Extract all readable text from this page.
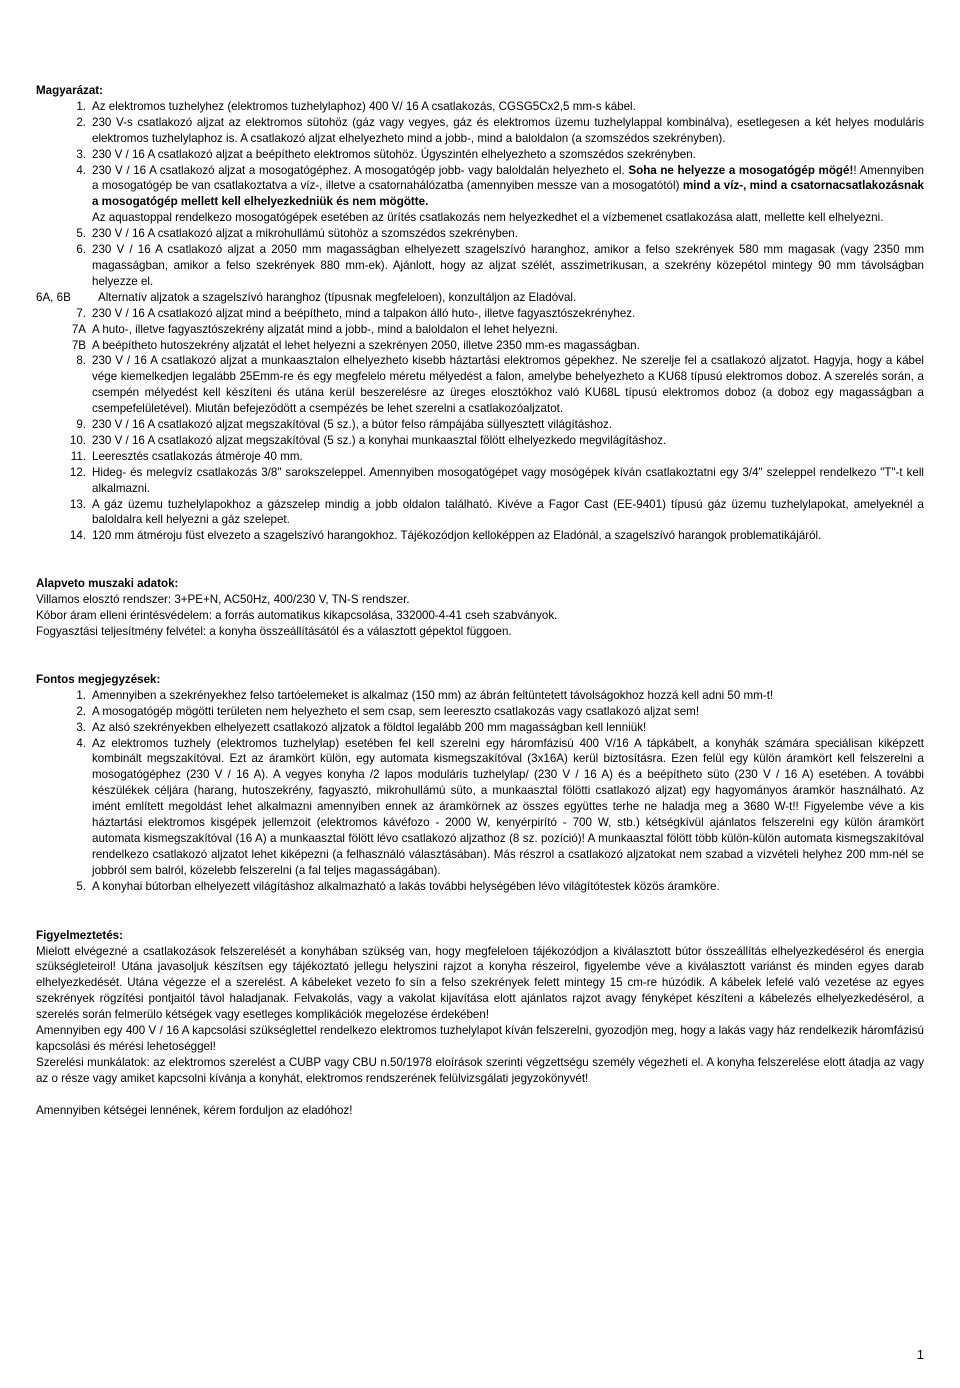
Magyarázat:

1. Az elektromos tuzhelyhez (elektromos tuzhelylaphoz) 400 V/ 16 A csatlakozás, CGSG5Cx2,5 mm-s kábel.
2. 230 V-s csatlakozó aljzat az elektromos sütohöz (gáz vagy vegyes, gáz és elektromos üzemu tuzhelylappal kombinálva), esetlegesen a két helyes moduláris elektromos tuzhelylaphoz is. A csatlakozó aljzat elhelyezheto mind a jobb-, mind a baloldalon (a szomszédos szekrényben).
3. 230 V / 16 A csatlakozó aljzat a beépítheto elektromos sütohöz. Úgyszintén elhelyezheto a szomszédos szekrényben.
4. 230 V / 16 A csatlakozó aljzat a mosogatógéphez. A mosogatógép jobb- vagy baloldalán helyezheto el. Soha ne helyezze a mosogatógép mögé!! Amennyiben a mosogatógép be van csatlakoztatva a víz-, illetve a csatornahálózatba (amennyiben messze van a mosogatótól) mind a víz-, mind a csatornacsatlakozásnak a mosogatógép mellett kell elhelyezkedniük és nem mögötte.
Az aquastoppal rendelkezo mosogatógépek esetében az ürítés csatlakozás nem helyezkedhet el a vízbemenet csatlakozása alatt, mellette kell elhelyezni.
5. 230 V / 16 A csatlakozó aljzat a mikrohullámú sütohöz a szomszédos szekrényben.
6. 230 V / 16 A csatlakozó aljzat a 2050 mm magasságban elhelyezett szagelszívó haranghoz, amikor a felso szekrények 580 mm magasak (vagy 2350 mm magasságban, amikor a felso szekrények 880 mm-ek). Ajánlott, hogy az aljzat szélét, asszimetrikusan, a szekrény közepétol mintegy 90 mm távolságban helyezze el.
6A, 6B	Alternatív aljzatok a szagelszívó haranghoz (típusnak megfeleloen), konzultáljon az Eladóval.
7. 230 V / 16 A csatlakozó aljzat mind a beépítheto, mind a talpakon álló huto-, illetve fagyasztószekrényhez.
7A A huto-, illetve fagyasztószekrény aljzatát mind a jobb-, mind a baloldalon el lehet helyezni.
7B A beépítheto hutoszekrény aljzatát el lehet helyezni a szekrényen 2050, illetve 2350 mm-es magasságban.
8. 230 V / 16 A csatlakozó aljzat a munkaasztalon elhelyezheto kisebb háztartási elektromos gépekhez. Ne szerelje fel a csatlakozó aljzatot. Hagyja, hogy a kábel vége kiemelkedjen legalább 25Emm-re és egy megfelelo méretu mélyedést a falon, amelybe behelyezheto a KU68 típusú elektromos doboz. A szerelés során, a csempén mélyedést kell készíteni és utána kerül beszerelésre az üreges elosztókhoz való KU68L típusú elektromos doboz (a doboz egy magasságban a csempefelületével). Miután befejezödött a csempézés be lehet szerelni a csatlakozóaljzatot.
9. 230 V / 16 A csatlakozó aljzat megszakítóval (5 sz.), a bútor felso rámpájába süllyesztett világításhoz.
10. 230 V / 16 A csatlakozó aljzat megszakítóval (5 sz.) a konyhai munkaasztal fölött elhelyezkedo megvilágításhoz.
11. Leeresztés csatlakozás átméroje 40 mm.
12. Hideg- és melegvíz csatlakozás 3/8" sarokszeleppel. Amennyiben mosogatógépet vagy mosógépek kíván csatlakoztatni egy 3/4" szeleppel rendelkezo "T"-t kell alkalmazni.
13. A gáz üzemu tuzhelylapokhoz a gázszelep mindig a jobb oldalon található. Kivéve a Fagor Cast (EE-9401) típusú gáz üzemu tuzhelylapokat, amelyeknél a baloldalra kell helyezni a gáz szelepet.
14. 120 mm átméroju füst elvezeto a szagelszívó harangokhoz. Tájékozódjon kelloképpen az Eladónál, a szagelszívó harangok problematikájáról.

Alapveto muszaki adatok:

Villamos elosztó rendszer: 3+PE+N, AC50Hz, 400/230 V, TN-S rendszer.

Kóbor áram elleni érintésvédelem: a forrás automatikus kikapcsolása, 332000-4-41 cseh szabványok.

Fogyasztási teljesítmény felvétel: a konyha összeállításától és a választott gépektol függoen.

Fontos megjegyzések:

1. Amennyiben a szekrényekhez felso tartóelemeket is alkalmaz (150 mm) az ábrán feltüntetett távolságokhoz hozzá kell adni 50 mm-t!
2. A mosogatógép mögötti területen nem helyezheto el sem csap, sem leereszto csatlakozás vagy csatlakozó aljzat sem!
3. Az alsó szekrényekben elhelyezett csatlakozó aljzatok a földtol legalább 200 mm magasságban kell lenniük!
4. Az elektromos tuzhely (elektromos tuzhelylap) esetében fel kell szerelni egy háromfázisú 400 V/16 A tápkábelt, a konyhák számára speciálisan kiképzett kombinált megszakítóval. Ezt az áramkört külön, egy automata kismegszakítóval (3x16A) kerül biztosításra. Ezen felül egy külön áramkört kell felszerelni a mosogatógéphez (230 V / 16 A). A vegyes konyha /2 lapos moduláris tuzhelylap/ (230 V / 16 A) és a beépítheto süto (230 V / 16 A) esetében. A további készülékek céljára (harang, hutoszekrény, fagyasztó, mikrohullámú süto, a munkaasztal fölötti csatlakozó aljzat) egy hagyományos áramkör használható. Az imént említett megoldást lehet alkalmazni amennyiben ennek az áramkörnek az összes együttes terhe ne haladja meg a 3680 W-t!! Figyelembe véve a kis háztartási elektromos kisgépek jellemzoit (elektromos kávéfozo - 2000 W, kenyérpirító - 700 W, stb.) kétségkívül ajánlatos felszerelni egy külön áramkört automata kismegszakítóval (16 A) a munkaasztal fölött lévo csatlakozó aljzathoz (8 sz. pozíció)! A munkaasztal fölött több külön-külön automata kismegszakítóval rendelkezo csatlakozó aljzatot lehet kiképezni (a felhasználó választásában). Más részrol a csatlakozó aljzatokat nem szabad a vízvételi helyhez 200 mm-nél se jobbról sem balról, közelebb felszerelni (a fal teljes magasságában).
5. A konyhai bútorban elhelyezett világításhoz alkalmazható a lakás további helységében lévo világítótestek közös áramköre.

Figyelmeztetés:

Mielott elvégezné a csatlakozások felszerelését a konyhában szükség van, hogy megfeleloen tájékozódjon a kiválasztott bútor összeállítás elhelyezkedésérol és energia szükségleteirol! Utána javasoljuk készítsen egy tájékoztató jellegu helyszini rajzot a konyha részeirol, figyelembe véve a kiválasztott variánst és minden egyes darab elhelyezkedését. Utána végezze el a szerelést. A kábeleket vezeto fo sín a felso szekrények felett mintegy 15 cm-re húzódik. A kábelek lefelé való vezetése az egyes szekrények rögzítési pontjaitól távol haladjanak. Felvakolás, vagy a vakolat kijavítása elott ajánlatos rajzot avagy fényképet készíteni a kábelezés elhelyezkedésérol, a szerelés során felmerülo kétségek vagy esetleges komplikációk megelozése érdekében!

Amennyiben egy 400 V / 16 A kapcsolási szükséglettel rendelkezo elektromos tuzhelylapot kíván felszerelni, gyozodjön meg, hogy a lakás vagy ház rendelkezik háromfázisú kapcsolási és mérési lehetoséggel!

Szerelési munkálatok: az elektromos szerelést a CUBP vagy CBU n.50/1978 eloírások szerinti végzettségu személy végezheti el. A konyha felszerelése elott átadja az vagy az o része vagy amiket kapcsolni kívánja a konyhát, elektromos rendszerének felülvizsgálati jegyzokönyvét!

Amennyiben kétségei lennének, kérem forduljon az eladóhoz!

1
